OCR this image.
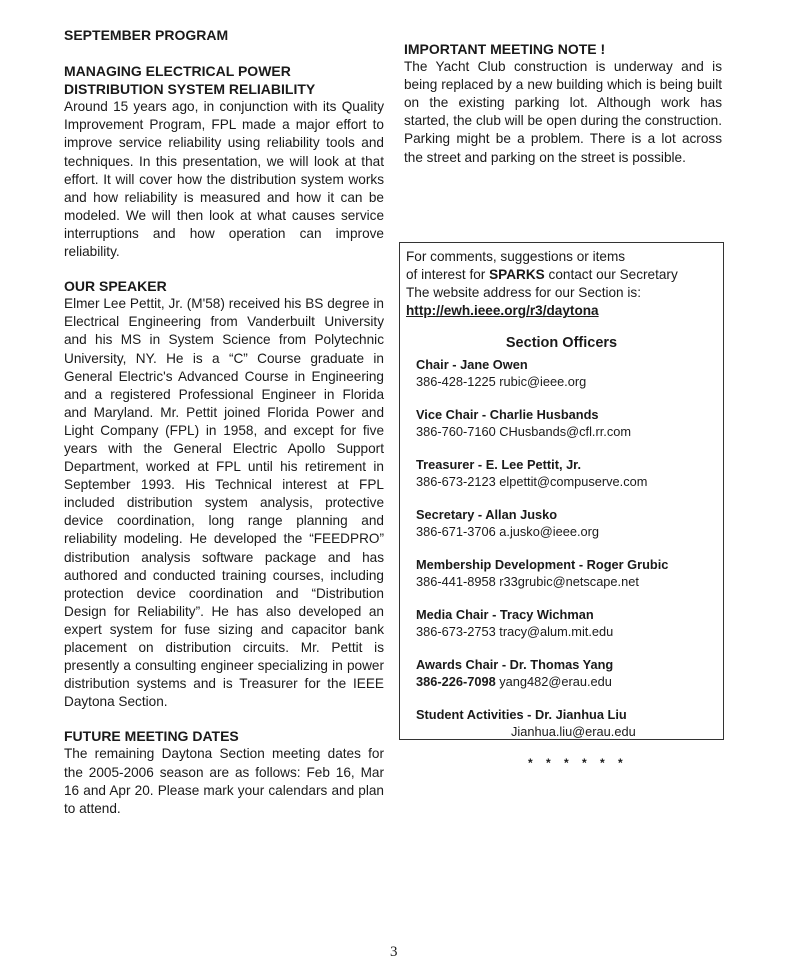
SEPTEMBER PROGRAM

MANAGING ELECTRICAL POWER

DISTRIBUTION SYSTEM RELIABILITY

Around 15 years ago, in conjunction with its Quality Improvement Program, FPL made a major effort to improve service reliability using reliability tools and techniques. In this presentation, we will look at that effort. It will cover how the distribution system works and how reliability is measured and how it can be modeled. We will then look at what causes service interruptions and how operation can improve reliability.

OUR SPEAKER

Elmer Lee Pettit, Jr. (M'58) received his BS degree in Electrical Engineering from Vanderbuilt University and his MS in System Science from Polytechnic University, NY. He is a “C” Course graduate in General Electric's Advanced Course in Engineering and a registered Professional Engineer in Florida and Maryland. Mr. Pettit joined Florida Power and Light Company (FPL) in 1958, and except for five years with the General Electric Apollo Support Department, worked at FPL until his retirement in September 1993. His Technical interest at FPL included distribution system analysis, protective device coordination, long range planning and reliability modeling. He developed the “FEEDPRO” distribution analysis software package and has authored and conducted training courses, including protection device coordination and “Distribution Design for Reliability”. He has also developed an expert system for fuse sizing and capacitor bank placement on distribution circuits. Mr. Pettit is presently a consulting engineer specializing in power distribution systems and is Treasurer for the IEEE Daytona Section.

FUTURE MEETING DATES

The remaining Daytona Section meeting dates for the 2005-2006 season are as follows: Feb 16, Mar 16 and Apr 20. Please mark your calendars and plan to attend.

IMPORTANT MEETING NOTE !

The Yacht Club construction is underway and is being replaced by a new building which is being built on the existing parking lot. Although work has started, the club will be open during the construction. Parking might be a problem. There is a lot across the street and parking on the street is possible.

For comments, suggestions or items

of interest for SPARKS contact our Secretary

The website address for our Section is:

http://ewh.ieee.org/r3/daytona

Section Officers

Chair - Jane Owen
386-428-1225 rubic@ieee.org
Vice Chair - Charlie Husbands
386-760-7160 CHusbands@cfl.rr.com
Treasurer - E. Lee Pettit, Jr.
386-673-2123 elpettit@compuserve.com
Secretary - Allan Jusko
386-671-3706 a.jusko@ieee.org
Membership Development - Roger Grubic
386-441-8958 r33grubic@netscape.net
Media Chair - Tracy Wichman
386-673-2753 tracy@alum.mit.edu
Awards Chair - Dr. Thomas Yang
386-226-7098 yang482@erau.edu
Student Activities - Dr. Jianhua Liu
Jianhua.liu@erau.edu
* * * * * *
3
